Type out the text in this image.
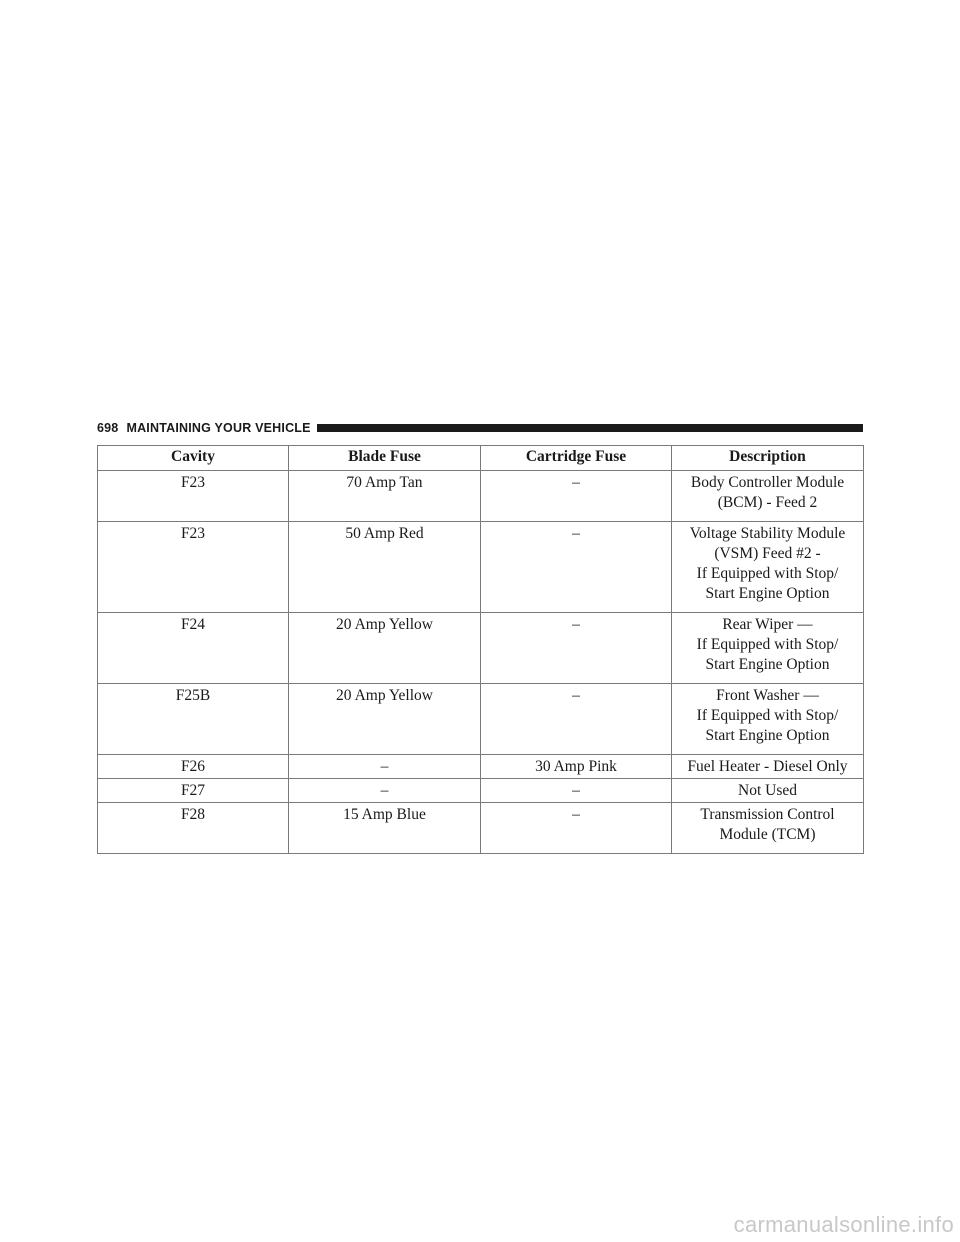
698 MAINTAINING YOUR VEHICLE
Cavity	Blade Fuse	Cartridge Fuse	Description
F23	70 Amp Tan	–	Body Controller Module
(BCM) - Feed 2

F23	50 Amp Red	–	Voltage Stability Module
(VSM) Feed #2 -
If Equipped with Stop/
Start Engine Option

F24	20 Amp Yellow	–	Rear Wiper —
If Equipped with Stop/
Start Engine Option

F25B	20 Amp Yellow	–	Front Washer —
If Equipped with Stop/
Start Engine Option

F26	–	30 Amp Pink	Fuel Heater - Diesel Only

F27	–	–	Not Used

F28	15 Amp Blue	–	Transmission Control
Module (TCM)
carmanualsonline.info
